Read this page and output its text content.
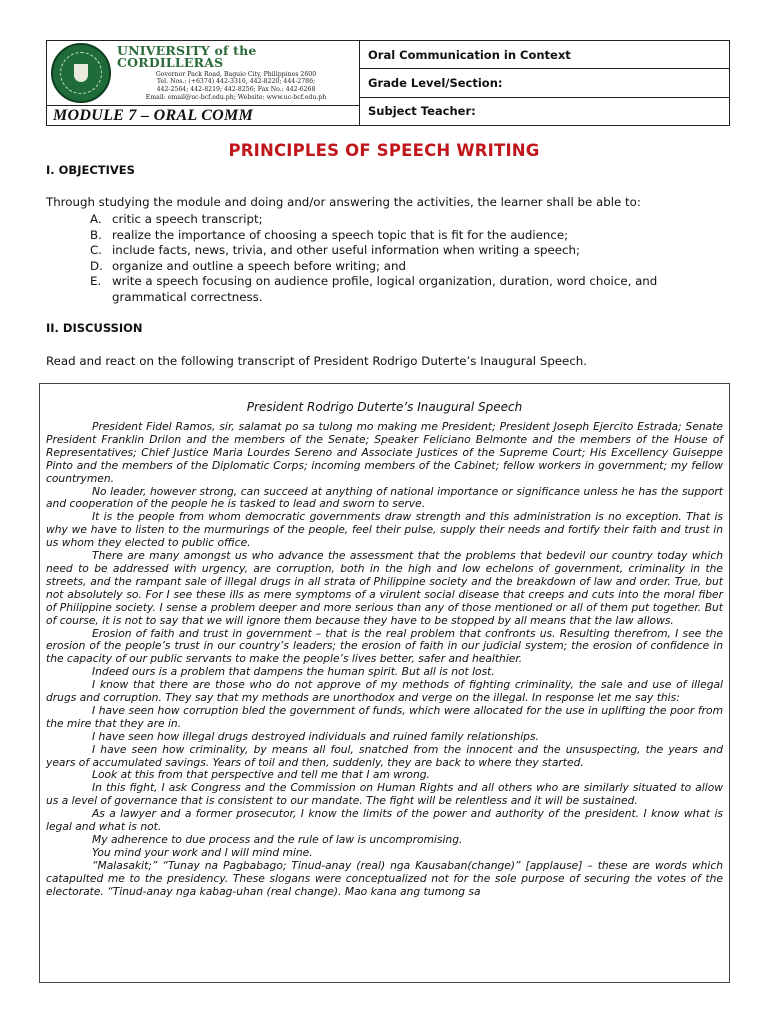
UNIVERSITY of the CORDILLERAS
Governor Pack Road, Baguio City, Philippines 2600
Tel. Nos.: (+6374) 442-3316, 442-8220; 444-2786;
442-2564; 442-8219; 442-8256; Fax No.: 442-6268
Email: email@uc-bcf.edu.ph; Website: www.uc-bcf.edu.ph
MODULE 7 – ORAL COMM
Oral Communication in Context
Grade Level/Section:
Subject Teacher:
PRINCIPLES OF SPEECH WRITING
I. OBJECTIVES
Through studying the module and doing and/or answering the activities, the learner shall be able to:
A. critic a speech transcript;
B. realize the importance of choosing a speech topic that is fit for the audience;
C. include facts, news, trivia, and other useful information when writing a speech;
D. organize and outline a speech before writing; and
E. write a speech focusing on audience profile, logical organization, duration, word choice, and grammatical correctness.
II. DISCUSSION
Read and react on the following transcript of President Rodrigo Duterte’s Inaugural Speech.
President Rodrigo Duterte’s Inaugural Speech

President Fidel Ramos, sir, salamat po sa tulong mo making me President; President Joseph Ejercito Estrada; Senate President Franklin Drilon and the members of the Senate; Speaker Feliciano Belmonte and the members of the House of Representatives; Chief Justice Maria Lourdes Sereno and Associate Justices of the Supreme Court; His Excellency Guiseppe Pinto and the members of the Diplomatic Corps; incoming members of the Cabinet; fellow workers in government; my fellow countrymen.

No leader, however strong, can succeed at anything of national importance or significance unless he has the support and cooperation of the people he is tasked to lead and sworn to serve.

It is the people from whom democratic governments draw strength and this administration is no exception. That is why we have to listen to the murmurings of the people, feel their pulse, supply their needs and fortify their faith and trust in us whom they elected to public office.

There are many amongst us who advance the assessment that the problems that bedevil our country today which need to be addressed with urgency, are corruption, both in the high and low echelons of government, criminality in the streets, and the rampant sale of illegal drugs in all strata of Philippine society and the breakdown of law and order. True, but not absolutely so. For I see these ills as mere symptoms of a virulent social disease that creeps and cuts into the moral fiber of Philippine society. I sense a problem deeper and more serious than any of those mentioned or all of them put together. But of course, it is not to say that we will ignore them because they have to be stopped by all means that the law allows.

Erosion of faith and trust in government – that is the real problem that confronts us. Resulting therefrom, I see the erosion of the people’s trust in our country’s leaders; the erosion of faith in our judicial system; the erosion of confidence in the capacity of our public servants to make the people’s lives better, safer and healthier.

Indeed ours is a problem that dampens the human spirit. But all is not lost.

I know that there are those who do not approve of my methods of fighting criminality, the sale and use of illegal drugs and corruption. They say that my methods are unorthodox and verge on the illegal. In response let me say this:

I have seen how corruption bled the government of funds, which were allocated for the use in uplifting the poor from the mire that they are in.

I have seen how illegal drugs destroyed individuals and ruined family relationships.

I have seen how criminality, by means all foul, snatched from the innocent and the unsuspecting, the years and years of accumulated savings. Years of toil and then, suddenly, they are back to where they started.

Look at this from that perspective and tell me that I am wrong.

In this fight, I ask Congress and the Commission on Human Rights and all others who are similarly situated to allow us a level of governance that is consistent to our mandate. The fight will be relentless and it will be sustained.

As a lawyer and a former prosecutor, I know the limits of the power and authority of the president. I know what is legal and what is not.

My adherence to due process and the rule of law is uncompromising.

You mind your work and I will mind mine.

“Malasakit;” “Tunay na Pagbabago; Tinud-anay (real) nga Kausaban(change)” [applause] – these are words which catapulted me to the presidency. These slogans were conceptualized not for the sole purpose of securing the votes of the electorate. “Tinud-anay nga kabag-uhan (real change). Mao kana ang tumong sa
